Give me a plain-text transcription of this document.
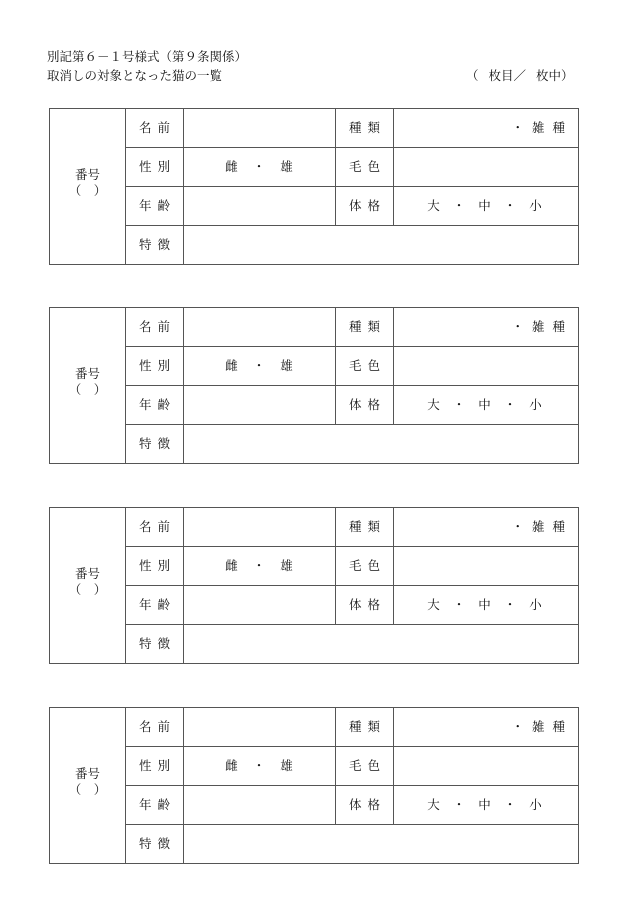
別記第６－１号様式（第９条関係）
取消しの対象となった猫の一覧	（ 枚目／ 枚中）
番号
（　）	名前		種類	・雑種
	性別	雌 ・ 雄	毛色	
	年齢		体格	大 ・ 中 ・ 小
	特徴			
番号
（　）	名前		種類	・雑種
	性別	雌 ・ 雄	毛色	
	年齢		体格	大 ・ 中 ・ 小
	特徴			
番号
（　）	名前		種類	・雑種
	性別	雌 ・ 雄	毛色	
	年齢		体格	大 ・ 中 ・ 小
	特徴			
番号
（　）	名前		種類	・雑種
	性別	雌 ・ 雄	毛色	
	年齢		体格	大 ・ 中 ・ 小
	特徴			
